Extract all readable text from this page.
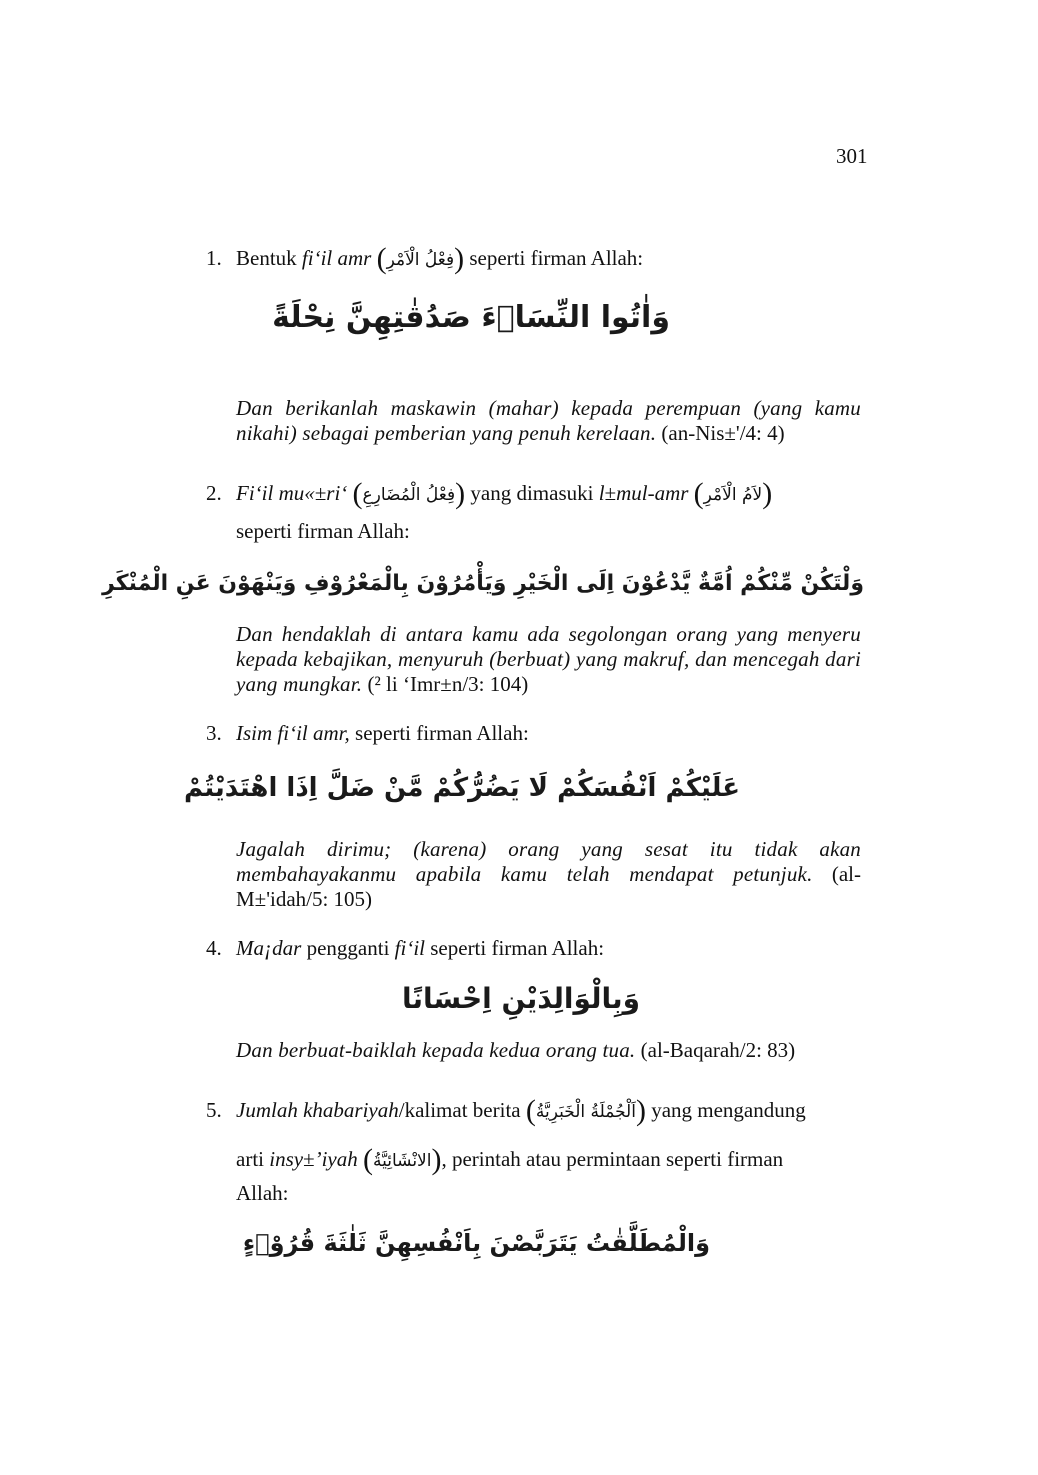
301
1. Bentuk fi‘il amr (فِعْلُ الْاَمْرِ) seperti firman Allah:
وَاٰتُوا النِّسَاۤءَ صَدُقٰتِهِنَّ نِحْلَةً
Dan berikanlah maskawin (mahar) kepada perempuan (yang kamu nikahi) sebagai pemberian yang penuh kerelaan. (an-Nis±'/4: 4)
2. Fi‘il mu«±ri‘ (فِعْلُ الْمُضَارِعِ) yang dimasuki l±mul-amr (لاَمُ الْاَمْرِ)
seperti firman Allah:
وَلْتَكُنْ مِّنْكُمْ اُمَّةٌ يَّدْعُوْنَ اِلَى الْخَيْرِ وَيَأْمُرُوْنَ بِالْمَعْرُوْفِ وَيَنْهَوْنَ عَنِ الْمُنْكَرِ
Dan hendaklah di antara kamu ada segolongan orang yang menyeru kepada kebajikan, menyuruh (berbuat) yang makruf, dan mencegah dari yang mungkar. (² li ‘Imr±n/3: 104)
3. Isim fi‘il amr, seperti firman Allah:
عَلَيْكُمْ اَنْفُسَكُمْ لَا يَضُرُّكُمْ مَّنْ ضَلَّ اِذَا اهْتَدَيْتُمْ
Jagalah dirimu; (karena) orang yang sesat itu tidak akan membahayakanmu apabila kamu telah mendapat petunjuk. (al-M±'idah/5: 105)
4. Ma¡dar pengganti fi‘il seperti firman Allah:
وَبِالْوَالِدَيْنِ اِحْسَانًا
Dan berbuat-baiklah kepada kedua orang tua. (al-Baqarah/2: 83)
5. Jumlah khabariyah/kalimat berita (اَلْجُمْلَةُ الْخَبَرِيَّةُ) yang mengandung
arti insy±’iyah (الانْشَائِيَّةُ), perintah atau permintaan seperti firman
Allah:
وَالْمُطَلَّقٰتُ يَتَرَبَّصْنَ بِاَنْفُسِهِنَّ ثَلٰثَةَ قُرُوْۤءٍ
